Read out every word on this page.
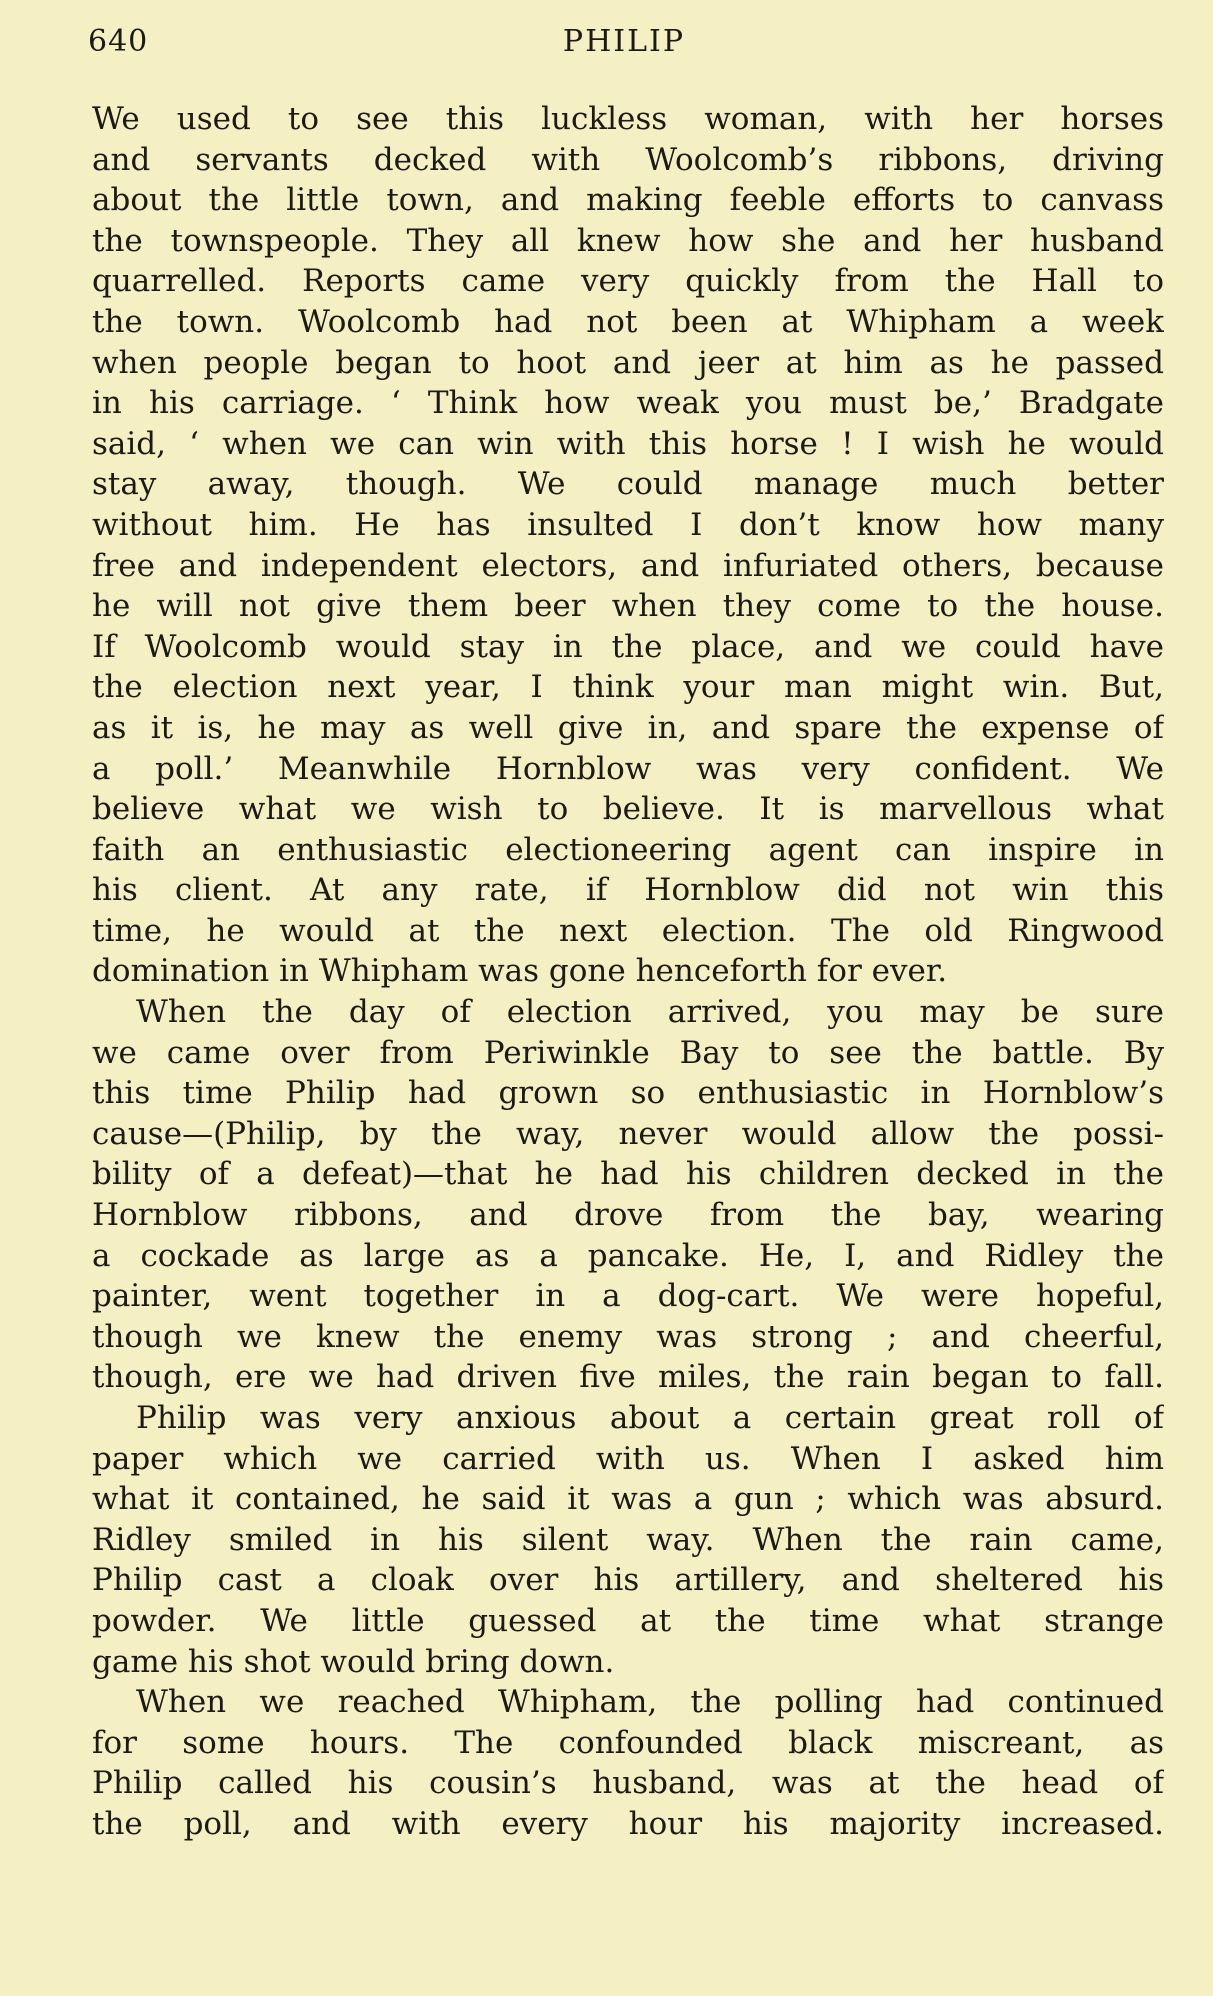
640	PHILIP
We used to see this luckless woman, with her horses
and servants decked with Woolcomb’s ribbons, driving
about the little town, and making feeble efforts to canvass
the townspeople. They all knew how she and her husband
quarrelled. Reports came very quickly from the Hall to
the town. Woolcomb had not been at Whipham a week
when people began to hoot and jeer at him as he passed
in his carriage. ‘ Think how weak you must be,’ Bradgate
said, ‘ when we can win with this horse ! I wish he would
stay away, though. We could manage much better
without him. He has insulted I don’t know how many
free and independent electors, and infuriated others, because
he will not give them beer when they come to the house.
If Woolcomb would stay in the place, and we could have
the election next year, I think your man might win. But,
as it is, he may as well give in, and spare the expense of
a poll.’ Meanwhile Hornblow was very confident. We
believe what we wish to believe. It is marvellous what
faith an enthusiastic electioneering agent can inspire in
his client. At any rate, if Hornblow did not win this
time, he would at the next election. The old Ringwood
domination in Whipham was gone henceforth for ever.
When the day of election arrived, you may be sure
we came over from Periwinkle Bay to see the battle. By
this time Philip had grown so enthusiastic in Hornblow’s
cause—(Philip, by the way, never would allow the possi-
bility of a defeat)—that he had his children decked in the
Hornblow ribbons, and drove from the bay, wearing
a cockade as large as a pancake. He, I, and Ridley the
painter, went together in a dog-cart. We were hopeful,
though we knew the enemy was strong ; and cheerful,
though, ere we had driven five miles, the rain began to fall.
Philip was very anxious about a certain great roll of
paper which we carried with us. When I asked him
what it contained, he said it was a gun ; which was absurd.
Ridley smiled in his silent way. When the rain came,
Philip cast a cloak over his artillery, and sheltered his
powder. We little guessed at the time what strange
game his shot would bring down.
When we reached Whipham, the polling had continued
for some hours. The confounded black miscreant, as
Philip called his cousin’s husband, was at the head of
the poll, and with every hour his majority increased.
